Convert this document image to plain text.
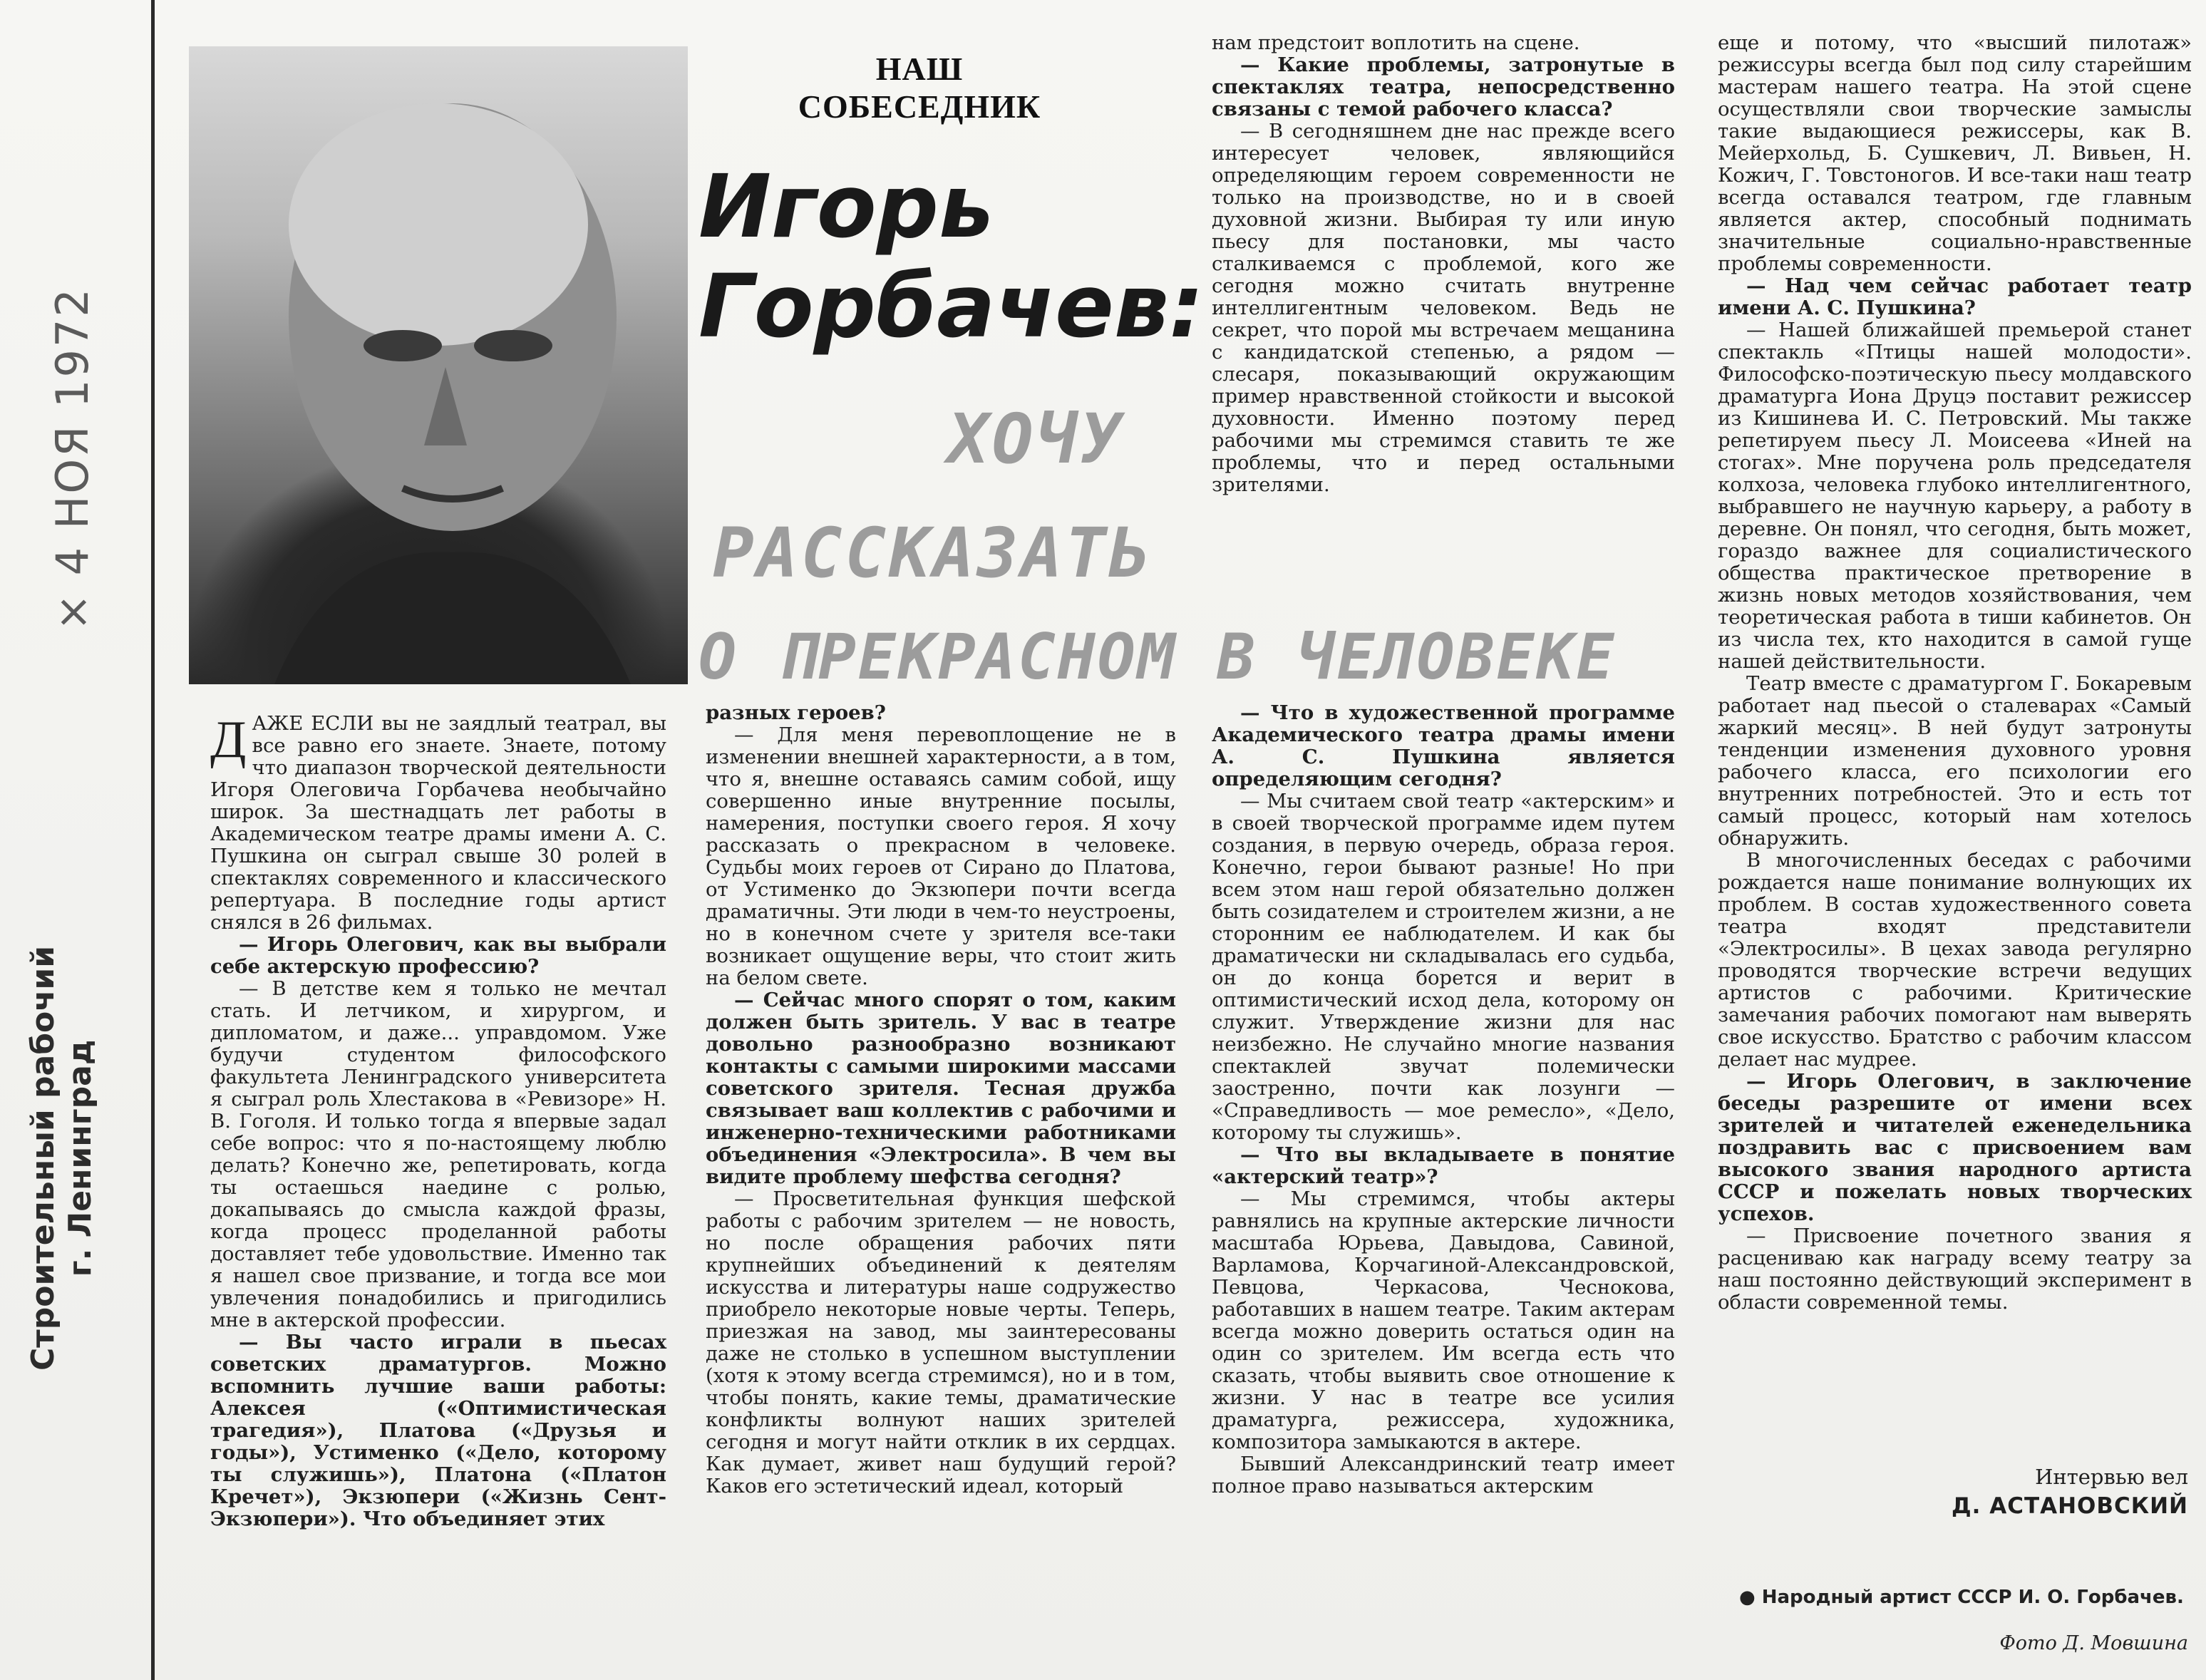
× 4 НОЯ 1972
Строительный рабочий г. Ленинград
НАШ СОБЕСЕДНИК
Игорь
Горбачев:
ХОЧУ
РАССКАЗАТЬ
О ПРЕКРАСНОМ В ЧЕЛОВЕКЕ

ДАЖЕ ЕСЛИ вы не заядлый театрал, вы все равно его знаете. Знаете, потому что диапазон творческой деятельности Игоря Олеговича Горбачева необычайно широк. За шестнадцать лет работы в Академическом театре драмы имени А. С. Пушкина он сыграл свыше 30 ролей в спектаклях современного и классического репертуара. В последние годы артист снялся в 26 фильмах.

— Игорь Олегович, как вы выбрали себе актерскую профессию?

— В детстве кем я только не мечтал стать. И летчиком, и хирургом, и дипломатом, и даже... управдомом. Уже будучи студентом философского факультета Ленинградского университета я сыграл роль Хлестакова в «Ревизоре» Н. В. Гоголя. И только тогда я впервые задал себе вопрос: что я по-настоящему люблю делать? Конечно же, репетировать, когда ты остаешься наедине с ролью, докапываясь до смысла каждой фразы, когда процесс проделанной работы доставляет тебе удовольствие. Именно так я нашел свое призвание, и тогда все мои увлечения понадобились и пригодились мне в актерской профессии.

— Вы часто играли в пьесах советских драматургов. Можно вспомнить лучшие ваши работы: Алексея («Оптимистическая трагедия»), Платова («Друзья и годы»), Устименко («Дело, которому ты служишь»), Платона («Платон Кречет»), Экзюпери («Жизнь Сент-Экзюпери»). Что объединяет этих

разных героев?

— Для меня перевоплощение не в изменении внешней характерности, а в том, что я, внешне оставаясь самим собой, ищу совершенно иные внутренние посылы, намерения, поступки своего героя. Я хочу рассказать о прекрасном в человеке. Судьбы моих героев от Сирано до Платова, от Устименко до Экзюпери почти всегда драматичны. Эти люди в чем-то неустроены, но в конечном счете у зрителя все-таки возникает ощущение веры, что стоит жить на белом свете.

— Сейчас много спорят о том, каким должен быть зритель. У вас в театре довольно разнообразно возникают контакты с самыми широкими массами советского зрителя. Тесная дружба связывает ваш коллектив с рабочими и инженерно-техническими работниками объединения «Электросила». В чем вы видите проблему шефства сегодня?

— Просветительная функция шефской работы с рабочим зрителем — не новость, но после обращения рабочих пяти крупнейших объединений к деятелям искусства и литературы наше содружество приобрело некоторые новые черты. Теперь, приезжая на завод, мы заинтересованы даже не столько в успешном выступлении (хотя к этому всегда стремимся), но и в том, чтобы понять, какие темы, драматические конфликты волнуют наших зрителей сегодня и могут найти отклик в их сердцах. Как думает, живет наш будущий герой? Каков его эстетический идеал, который

нам предстоит воплотить на сцене.

— Какие проблемы, затронутые в спектаклях театра, непосредственно связаны с темой рабочего класса?

— В сегодняшнем дне нас прежде всего интересует человек, являющийся определяющим героем современности не только на производстве, но и в своей духовной жизни. Выбирая ту или иную пьесу для постановки, мы часто сталкиваемся с проблемой, кого же сегодня можно считать внутренне интеллигентным человеком. Ведь не секрет, что порой мы встречаем мещанина с кандидатской степенью, а рядом — слесаря, показывающий окружающим пример нравственной стойкости и высокой духовности. Именно поэтому перед рабочими мы стремимся ставить те же проблемы, что и перед остальными зрителями.

— Что в художественной программе Академического театра драмы имени А. С. Пушкина является определяющим сегодня?

— Мы считаем свой театр «актерским» и в своей творческой программе идем путем создания, в первую очередь, образа героя. Конечно, герои бывают разные! Но при всем этом наш герой обязательно должен быть созидателем и строителем жизни, а не сторонним ее наблюдателем. И как бы драматически ни складывалась его судьба, он до конца борется и верит в оптимистический исход дела, которому он служит. Утверждение жизни для нас неизбежно. Не случайно многие названия спектаклей звучат полемически заостренно, почти как лозунги — «Справедливость — мое ремесло», «Дело, которому ты служишь».

— Что вы вкладываете в понятие «актерский театр»?

— Мы стремимся, чтобы актеры равнялись на крупные актерские личности масштаба Юрьева, Давыдова, Савиной, Варламова, Корчагиной-Александровской, Певцова, Черкасова, Чеснокова, работавших в нашем театре. Таким актерам всегда можно доверить остаться один на один со зрителем. Им всегда есть что сказать, чтобы выявить свое отношение к жизни. У нас в театре все усилия драматурга, режиссера, художника, композитора замыкаются в актере.

Бывший Александринский театр имеет полное право называться актерским

еще и потому, что «высший пилотаж» режиссуры всегда был под силу старейшим мастерам нашего театра. На этой сцене осуществляли свои творческие замыслы такие выдающиеся режиссеры, как В. Мейерхольд, Б. Сушкевич, Л. Вивьен, Н. Кожич, Г. Товстоногов. И все-таки наш театр всегда оставался театром, где главным является актер, способный поднимать значительные социально-нравственные проблемы современности.

— Над чем сейчас работает театр имени А. С. Пушкина?

— Нашей ближайшей премьерой станет спектакль «Птицы нашей молодости». Философско-поэтическую пьесу молдавского драматурга Иона Друцэ поставит режиссер из Кишинева И. С. Петровский. Мы также репетируем пьесу Л. Моисеева «Иней на стогах». Мне поручена роль председателя колхоза, человека глубоко интеллигентного, выбравшего не научную карьеру, а работу в деревне. Он понял, что сегодня, быть может, гораздо важнее для социалистического общества практическое претворение в жизнь новых методов хозяйствования, чем теоретическая работа в тиши кабинетов. Он из числа тех, кто находится в самой гуще нашей действительности.

Театр вместе с драматургом Г. Бокаревым работает над пьесой о сталеварах «Самый жаркий месяц». В ней будут затронуты тенденции изменения духовного уровня рабочего класса, его психологии его внутренних потребностей. Это и есть тот самый процесс, который нам хотелось обнаружить.

В многочисленных беседах с рабочими рождается наше понимание волнующих их проблем. В состав художественного совета театра входят представители «Электросилы». В цехах завода регулярно проводятся творческие встречи ведущих артистов с рабочими. Критические замечания рабочих помогают нам выверять свое искусство. Братство с рабочим классом делает нас мудрее.

— Игорь Олегович, в заключение беседы разрешите от имени всех зрителей и читателей еженедельника поздравить вас с присвоением вам высокого звания народного артиста СССР и пожелать новых творческих успехов.

— Присвоение почетного звания я расцениваю как награду всему театру за наш постоянно действующий эксперимент в области современной темы.

Интервью вел
Д. АСТАНОВСКИЙ
● Народный артист СССР И. О. Горбачев.
Фото Д. Мовшина
